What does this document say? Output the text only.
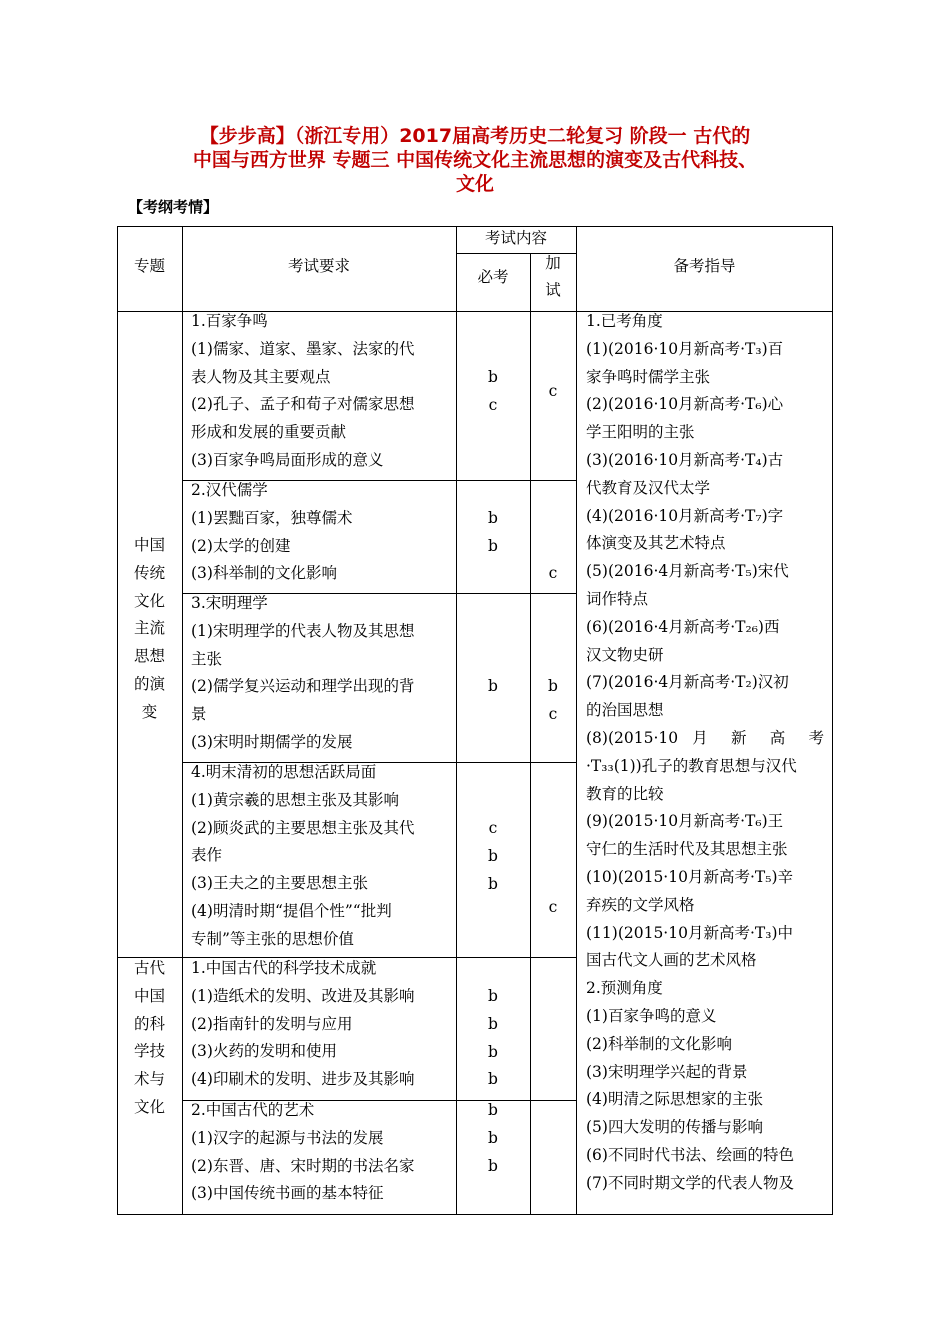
【步步高】（浙江专用）2017届高考历史二轮复习 阶段一 古代的
中国与西方世界 专题三 中国传统文化主流思想的演变及古代科技、
文化
【考纲考情】
专题	考试要求
考试内容
必考
加
试
备考指导
中国
传统
文化
主流
思想
的演
变
古代
中国
的科
学技
术与
文化
1.百家争鸣
(1)儒家、道家、墨家、法家的代
表人物及其主要观点
(2)孔子、孟子和荀子对儒家思想
形成和发展的重要贡献
(3)百家争鸣局面形成的意义
b
c
c
2.汉代儒学
(1)罢黜百家，独尊儒术
(2)太学的创建
(3)科举制的文化影响
b
b
c
3.宋明理学
(1)宋明理学的代表人物及其思想
主张
(2)儒学复兴运动和理学出现的背
景
(3)宋明时期儒学的发展
b	b
c
4.明末清初的思想活跃局面
(1)黄宗羲的思想主张及其影响
(2)顾炎武的主要思想主张及其代
表作
(3)王夫之的主要思想主张
(4)明清时期“提倡个性”“批判
专制”等主张的思想价值
c
b
b
c
1.中国古代的科学技术成就
(1)造纸术的发明、改进及其影响
(2)指南针的发明与应用
(3)火药的发明和使用
(4)印刷术的发明、进步及其影响
b
b
b
b
2.中国古代的艺术
(1)汉字的起源与书法的发展
(2)东晋、唐、宋时期的书法名家
(3)中国传统书画的基本特征
b
b
b
1.已考角度
(1)(2016·10月新高考·T₃)百
家争鸣时儒学主张
(2)(2016·10月新高考·T₆)心
学王阳明的主张
(3)(2016·10月新高考·T₄)古
代教育及汉代太学
(4)(2016·10月新高考·T₇)字
体演变及其艺术特点
(5)(2016·4月新高考·T₅)宋代
词作特点
(6)(2016·4月新高考·T₂₆)西
汉文物史研
(7)(2016·4月新高考·T₂)汉初
的治国思想
(8)(2015·10 月 新 高 考
·T₃₃(1))孔子的教育思想与汉代
教育的比较
(9)(2015·10月新高考·T₆)王
守仁的生活时代及其思想主张
(10)(2015·10月新高考·T₅)辛
弃疾的文学风格
(11)(2015·10月新高考·T₃)中
国古代文人画的艺术风格
2.预测角度
(1)百家争鸣的意义
(2)科举制的文化影响
(3)宋明理学兴起的背景
(4)明清之际思想家的主张
(5)四大发明的传播与影响
(6)不同时代书法、绘画的特色
(7)不同时期文学的代表人物及
